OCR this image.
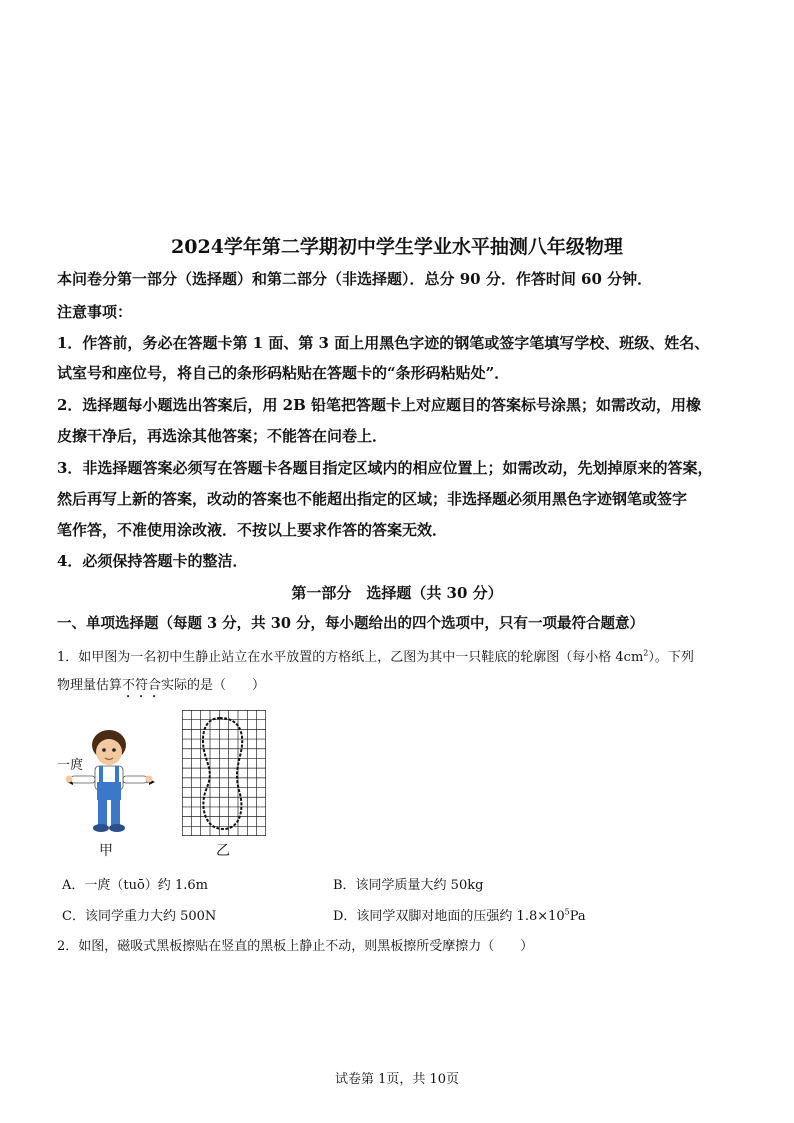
2024学年第二学期初中学生学业水平抽测八年级物理
本问卷分第一部分（选择题）和第二部分（非选择题）．总分 90 分．作答时间 60 分钟．
注意事项：
1．作答前，务必在答题卡第 1 面、第 3 面上用黑色字迹的钢笔或签字笔填写学校、班级、姓名、
试室号和座位号，将自己的条形码粘贴在答题卡的“条形码粘贴处”．
2．选择题每小题选出答案后，用 2B 铅笔把答题卡上对应题目的答案标号涂黑；如需改动，用橡
皮擦干净后，再选涂其他答案；不能答在问卷上．
3．非选择题答案必须写在答题卡各题目指定区域内的相应位置上；如需改动，先划掉原来的答案，
然后再写上新的答案，改动的答案也不能超出指定的区域；非选择题必须用黑色字迹钢笔或签字
笔作答，不准使用涂改液．不按以上要求作答的答案无效．
4．必须保持答题卡的整洁．
第一部分　选择题（共 30 分）
一、单项选择题（每题 3 分，共 30 分，每小题给出的四个选项中，只有一项最符合题意）
1．如甲图为一名初中生静止站立在水平放置的方格纸上，乙图为其中一只鞋底的轮廓图（每小格 $4cm^2$）。下列
物理量估算不符合实际的是（　　）
一庹
甲	乙
A．一庹（tuō）约 1.6m	B．该同学质量大约 50kg
C．该同学重力大约 500N	D．该同学双脚对地面的压强约 $1.8\times 10^5Pa$
2．如图，磁吸式黑板擦贴在竖直的黑板上静止不动，则黑板擦所受摩擦力（　　）
试卷第 1页，共 10页
